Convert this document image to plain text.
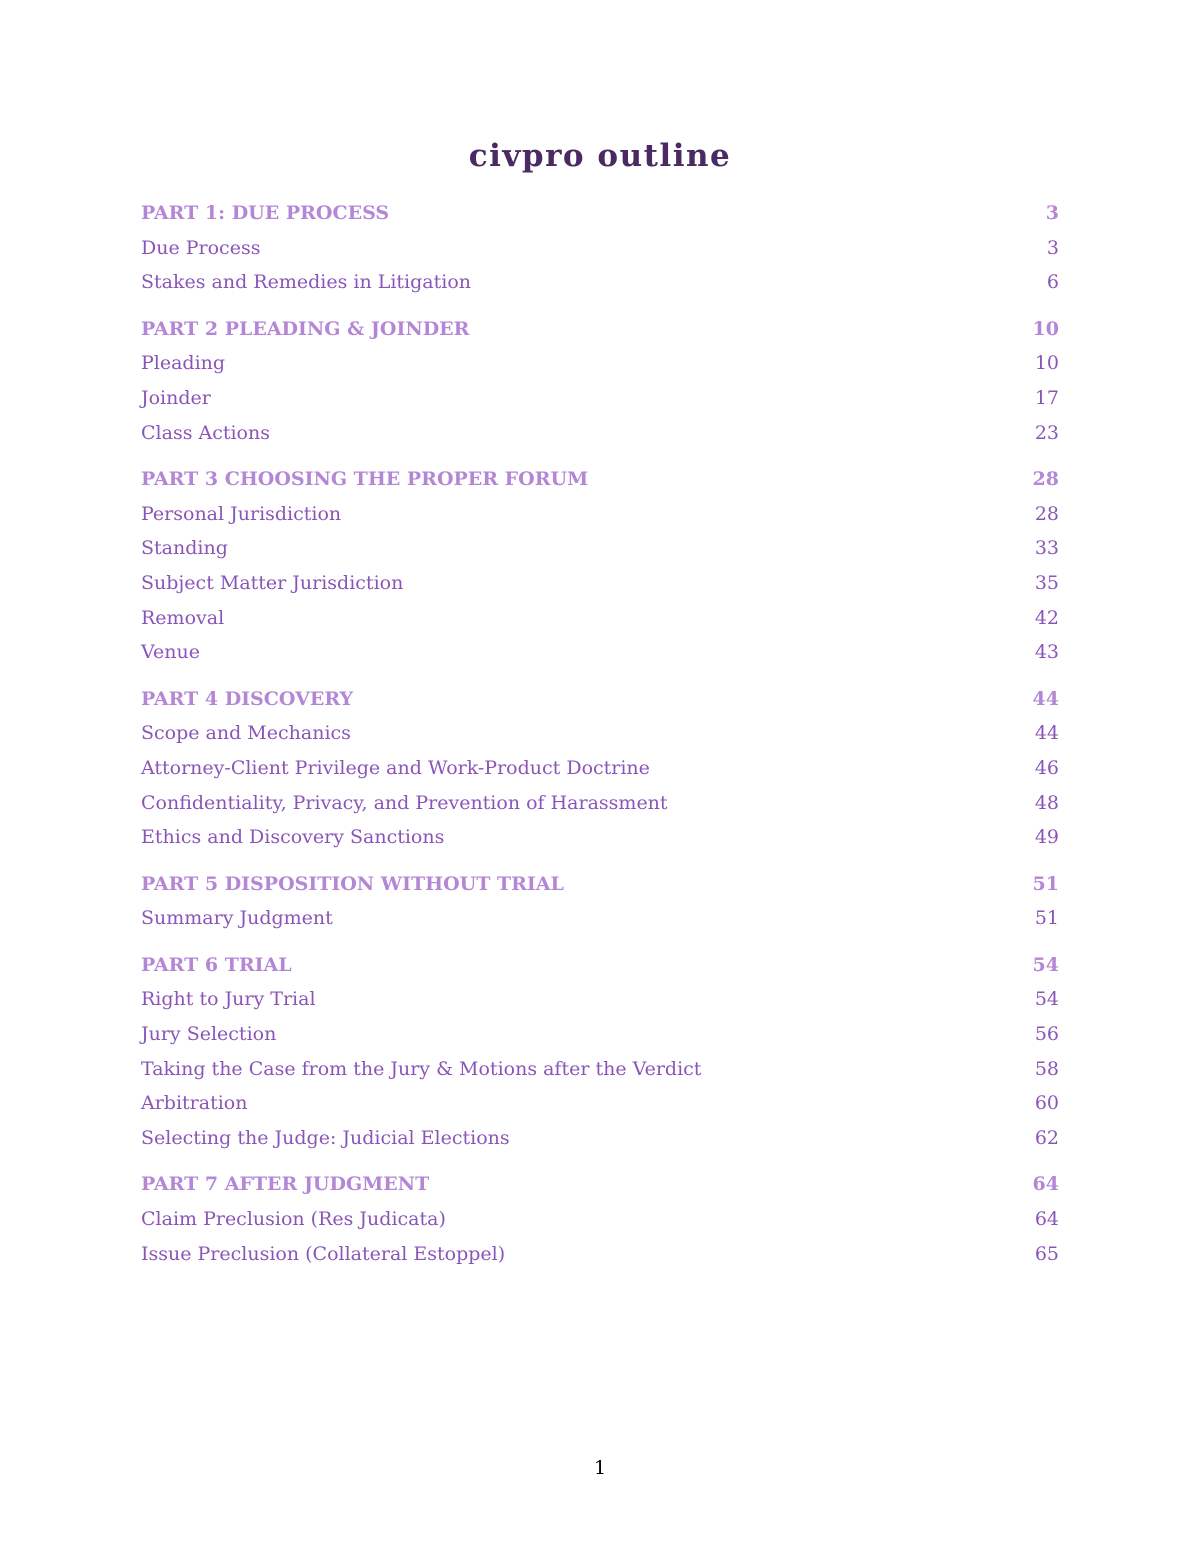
civpro outline
PART 1: DUE PROCESS	3
Due Process	3
Stakes and Remedies in Litigation	6
PART 2 PLEADING & JOINDER	10
Pleading	10
Joinder	17
Class Actions	23
PART 3 CHOOSING THE PROPER FORUM	28
Personal Jurisdiction	28
Standing	33
Subject Matter Jurisdiction	35
Removal	42
Venue	43
PART 4 DISCOVERY	44
Scope and Mechanics	44
Attorney-Client Privilege and Work-Product Doctrine	46
Confidentiality, Privacy, and Prevention of Harassment	48
Ethics and Discovery Sanctions	49
PART 5 DISPOSITION WITHOUT TRIAL	51
Summary Judgment	51
PART 6 TRIAL	54
Right to Jury Trial	54
Jury Selection	56
Taking the Case from the Jury & Motions after the Verdict	58
Arbitration	60
Selecting the Judge: Judicial Elections	62
PART 7 AFTER JUDGMENT	64
Claim Preclusion (Res Judicata)	64
Issue Preclusion (Collateral Estoppel)	65
1
